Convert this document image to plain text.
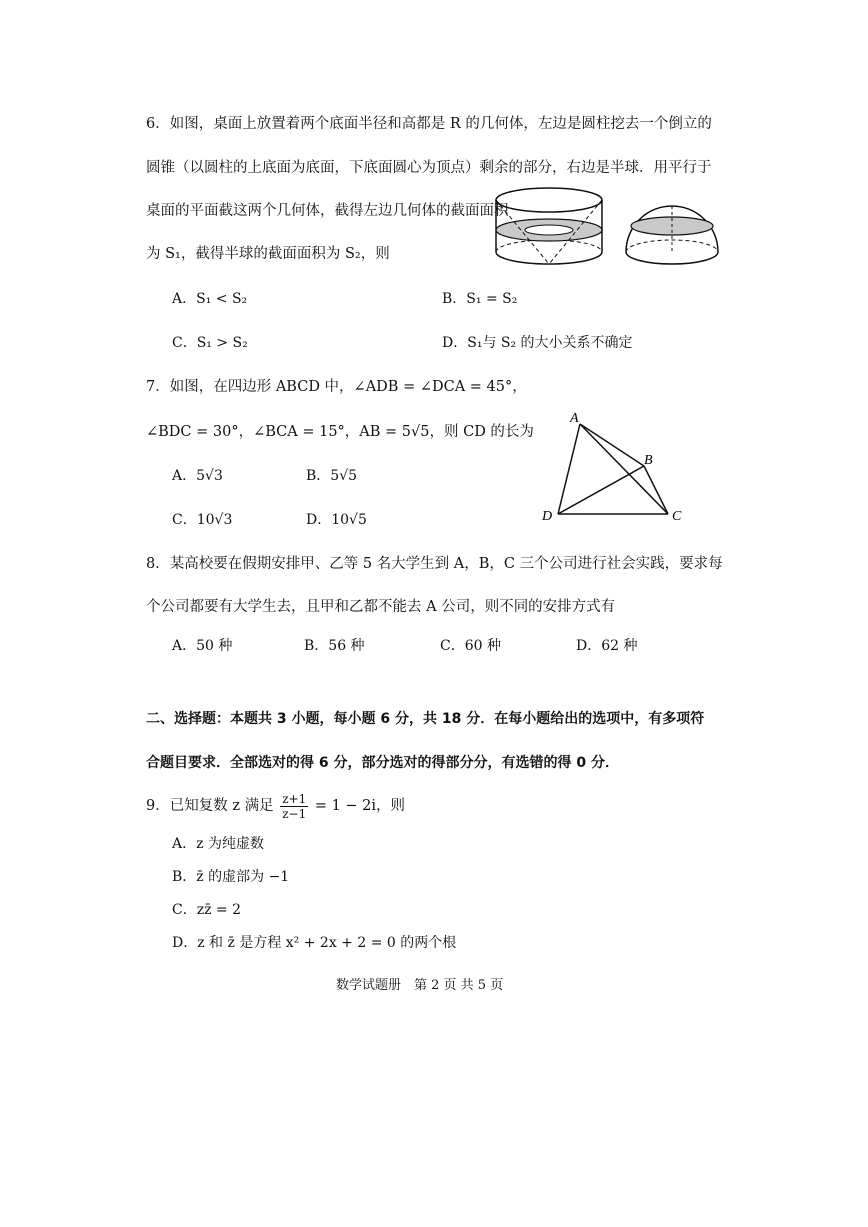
6．如图，桌面上放置着两个底面半径和高都是 R 的几何体，左边是圆柱挖去一个倒立的
圆锥（以圆柱的上底面为底面，下底面圆心为顶点）剩余的部分，右边是半球．用平行于
桌面的平面截这两个几何体，截得左边几何体的截面面积
为 S₁，截得半球的截面面积为 S₂，则
A．S₁ < S₂	B．S₁ = S₂
C．S₁ > S₂	D．S₁与 S₂ 的大小关系不确定
7．如图，在四边形 ABCD 中，∠ADB = ∠DCA = 45°，
∠BDC = 30°，∠BCA = 15°，AB = 5√5，则 CD 的长为
A
B
C
D
A．5√3	B．5√5
C．10√3	D．10√5
8．某高校要在假期安排甲、乙等 5 名大学生到 A，B，C 三个公司进行社会实践，要求每
个公司都要有大学生去，且甲和乙都不能去 A 公司，则不同的安排方式有
A．50 种	B．56 种	C．60 种	D．62 种
二、选择题：本题共 3 小题，每小题 6 分，共 18 分．在每小题给出的选项中，有多项符
合题目要求．全部选对的得 6 分，部分选对的得部分分，有选错的得 0 分．
9．已知复数 z 满足 $\frac{z+1}{z-1} = 1 - 2i$，则
A．z 为纯虚数
B．z̄ 的虚部为 −1
C．zz̄ = 2
D．z 和 z̄ 是方程 x² + 2x + 2 = 0 的两个根
数学试题册　第 2 页 共 5 页
